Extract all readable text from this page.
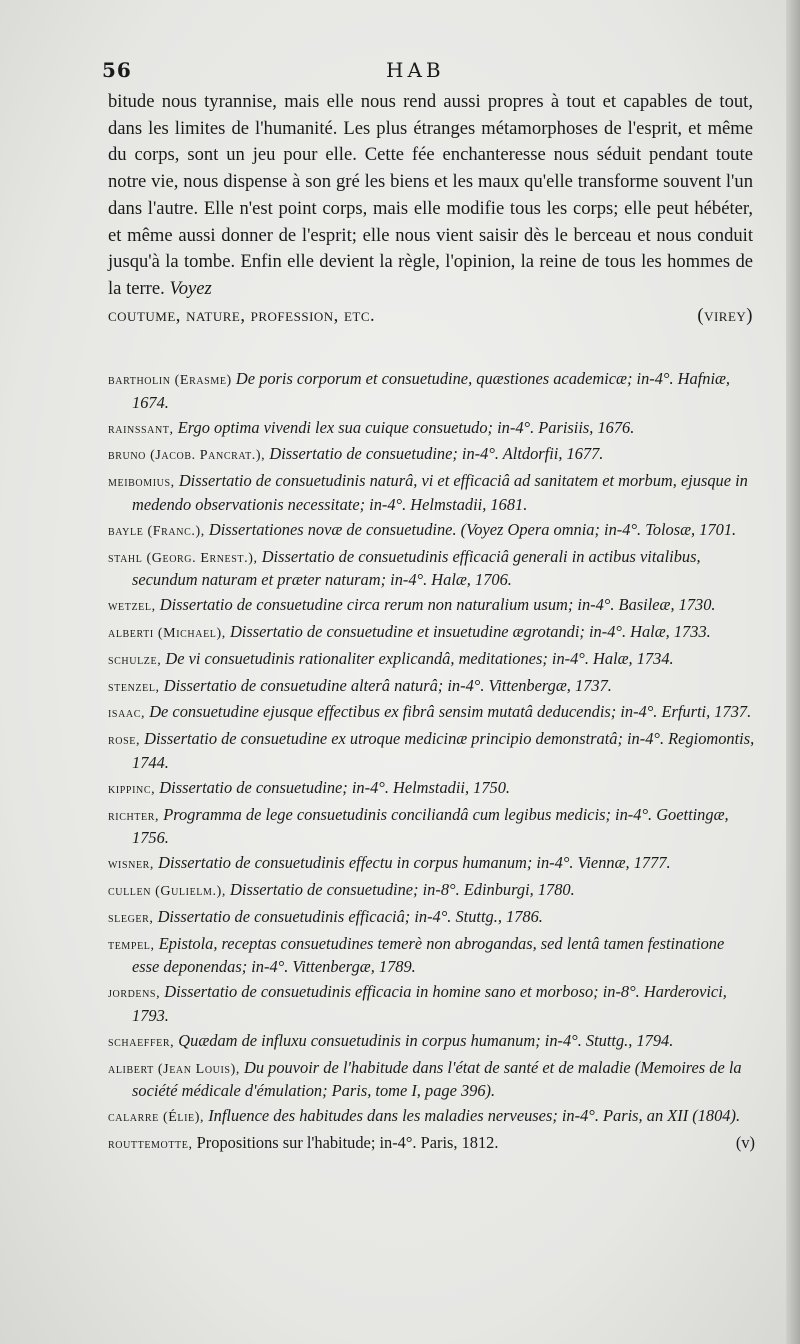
56	HAB

bitude nous tyrannise, mais elle nous rend aussi propres à tout et capables de tout, dans les limites de l'humanité. Les plus étranges métamorphoses de l'esprit, et même du corps, sont un jeu pour elle. Cette fée enchanteresse nous séduit pendant toute notre vie, nous dispense à son gré les biens et les maux qu'elle transforme souvent l'un dans l'autre. Elle n'est point corps, mais elle modifie tous les corps; elle peut hébéter, et même aussi donner de l'esprit; elle nous vient saisir dès le berceau et nous conduit jusqu'à la tombe. Enfin elle devient la règle, l'opinion, la reine de tous les hommes de la terre. Voyez

coutume, nature, profession, etc.	(virey)

bartholin (Erasme) De poris corporum et consuetudine, quæstiones academicæ; in-4°. Hafniæ, 1674.

rainssant, Ergo optima vivendi lex sua cuique consuetudo; in-4°. Parisiis, 1676.

bruno (Jacob. Pancrat.), Dissertatio de consuetudine; in-4°. Altdorfii, 1677.

meibomius, Dissertatio de consuetudinis naturâ, vi et efficaciâ ad sanitatem et morbum, ejusque in medendo observationis necessitate; in-4°. Helmstadii, 1681.

bayle (Franc.), Dissertationes novæ de consuetudine. (Voyez Opera omnia; in-4°. Tolosæ, 1701.

stahl (Georg. Ernest.), Dissertatio de consuetudinis efficaciâ generali in actibus vitalibus, secundum naturam et præter naturam; in-4°. Halæ, 1706.

wetzel, Dissertatio de consuetudine circa rerum non naturalium usum; in-4°. Basileæ, 1730.

alberti (Michael), Dissertatio de consuetudine et insuetudine ægrotandi; in-4°. Halæ, 1733.

schulze, De vi consuetudinis rationaliter explicandâ, meditationes; in-4°. Halæ, 1734.

stenzel, Dissertatio de consuetudine alterâ naturâ; in-4°. Vittenbergæ, 1737.

isaac, De consuetudine ejusque effectibus ex fibrâ sensim mutatâ deducendis; in-4°. Erfurti, 1737.

rose, Dissertatio de consuetudine ex utroque medicinæ principio demonstratâ; in-4°. Regiomontis, 1744.

kippinc, Dissertatio de consuetudine; in-4°. Helmstadii, 1750.

richter, Programma de lege consuetudinis conciliandâ cum legibus medicis; in-4°. Goettingæ, 1756.

wisner, Dissertatio de consuetudinis effectu in corpus humanum; in-4°. Viennæ, 1777.

cullen (Gulielm.), Dissertatio de consuetudine; in-8°. Edinburgi, 1780.

sleger, Dissertatio de consuetudinis efficaciâ; in-4°. Stuttg., 1786.

tempel, Epistola, receptas consuetudines temerè non abrogandas, sed lentâ tamen festinatione esse deponendas; in-4°. Vittenbergæ, 1789.

jordens, Dissertatio de consuetudinis efficacia in homine sano et morboso; in-8°. Harderovici, 1793.

schaeffer, Quædam de influxu consuetudinis in corpus humanum; in-4°. Stuttg., 1794.

alibert (Jean Louis), Du pouvoir de l'habitude dans l'état de santé et de maladie (Memoires de la société médicale d'émulation; Paris, tome I, page 396).

calarre (Élie), Influence des habitudes dans les maladies nerveuses; in-4°. Paris, an XII (1804).

routtemotte, Propositions sur l'habitude; in-4°. Paris, 1812.	(v)
